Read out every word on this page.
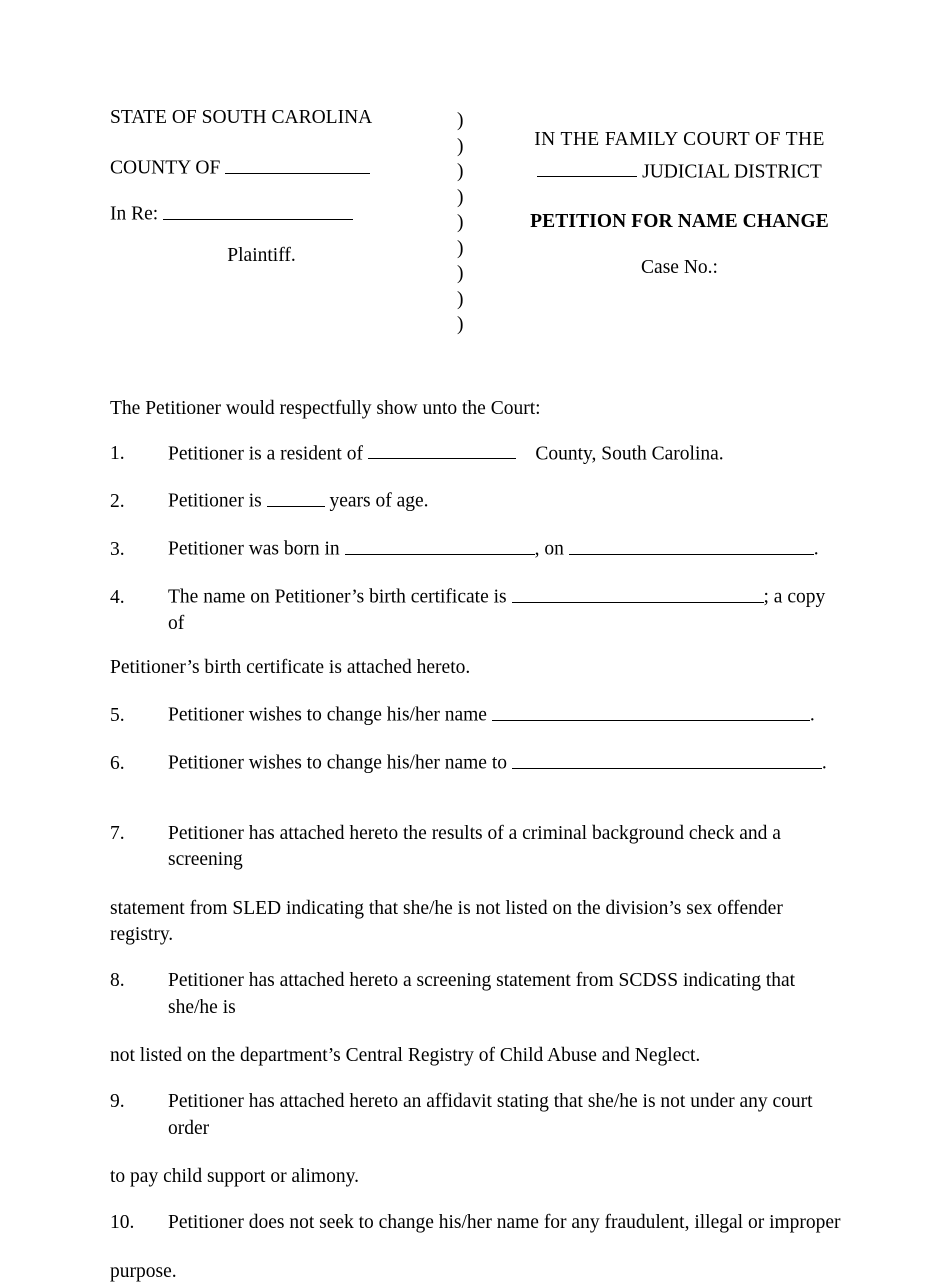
STATE OF SOUTH CAROLINA
COUNTY OF
In Re:
Plaintiff.
)
)
)
)
)
)
)
)
)
IN THE FAMILY COURT OF THE
JUDICIAL DISTRICT
PETITION FOR NAME CHANGE
Case No.:
The Petitioner would respectfully show unto the Court:
1.	Petitioner is a resident of	County, South Carolina.
2.	Petitioner is	years of age.
3.	Petitioner was born in	, on	.
4.	The name on Petitioner’s birth certificate is	; a copy of
Petitioner’s birth certificate is attached hereto.
5.	Petitioner wishes to change his/her name	.
6.	Petitioner wishes to change his/her name to	.
7.	Petitioner has attached hereto the results of a criminal background check and a
screening
statement from SLED indicating that she/he is not listed on the division’s sex offender registry.
8.	Petitioner has attached hereto a screening statement from SCDSS indicating that she/he is
not listed on the department’s Central Registry of Child Abuse and Neglect.
9.	Petitioner has attached hereto an affidavit stating that she/he is not under any court order
to pay child support or alimony.
10.	Petitioner does not seek to change his/her name for any fraudulent, illegal or improper
purpose.
